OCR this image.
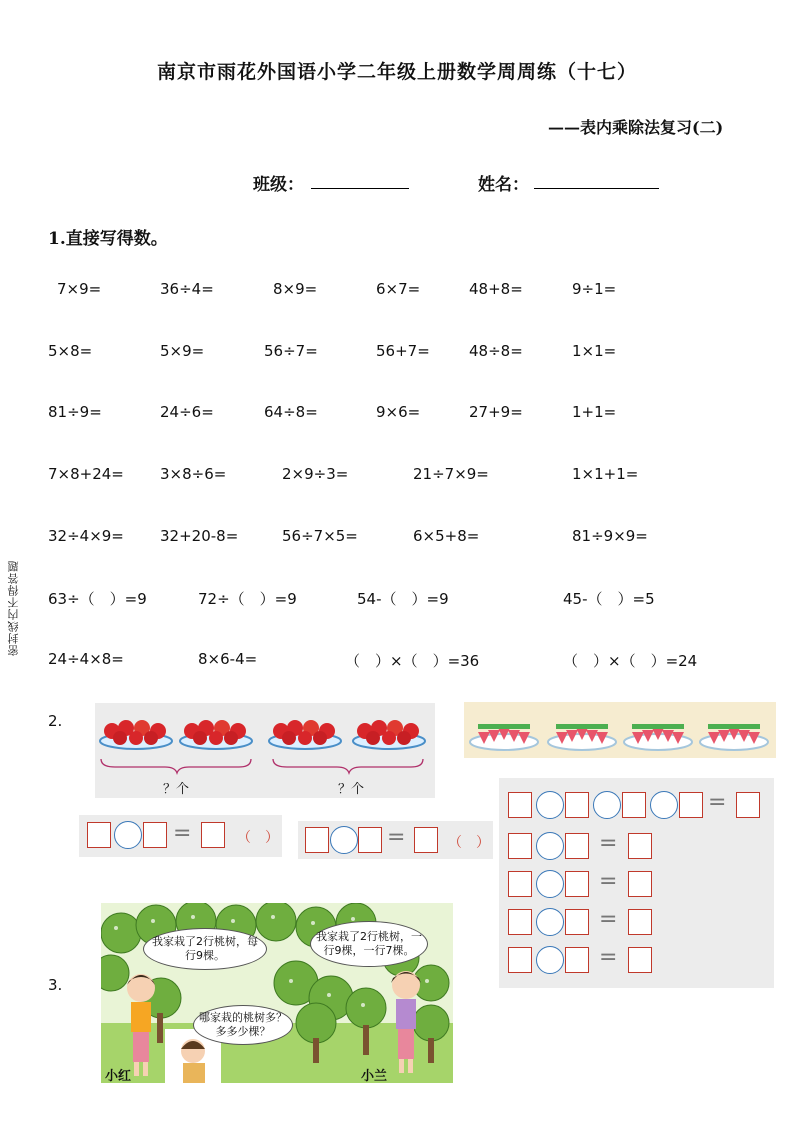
南京市雨花外国语小学二年级上册数学周周练（十七）
——表内乘除法复习(二)
班级：	姓名：
密封线内不得答题
1.直接写得数。
7×9=	36÷4=	8×9=	6×7=	48+8=	9÷1=
5×8=	5×9=	56÷7=	56+7=	48÷8=	1×1=
81÷9=	24÷6=	64÷8=	9×6=	27+9=	1+1=
7×8+24= 3×8÷6=	2×9÷3=	21÷7×9=	1×1+1=
32÷4×9= 32+20-8=	56÷7×5=	6×5+8=	81÷9×9=
63÷（　）=9	72÷（　）=9	54-（　）=9	45-（　）=5
24÷4×8=	8×6-4=	（　）×（　）=36	（　）×（　）=24
2.
？个	？个
=	（　）	=	（　）
=
=
=
=
=
3.
我家栽了2行桃树，每行9棵。
我家栽了2行桃树，一行9棵，一行7棵。
哪家栽的桃树多？多多少棵？
小红	小兰
